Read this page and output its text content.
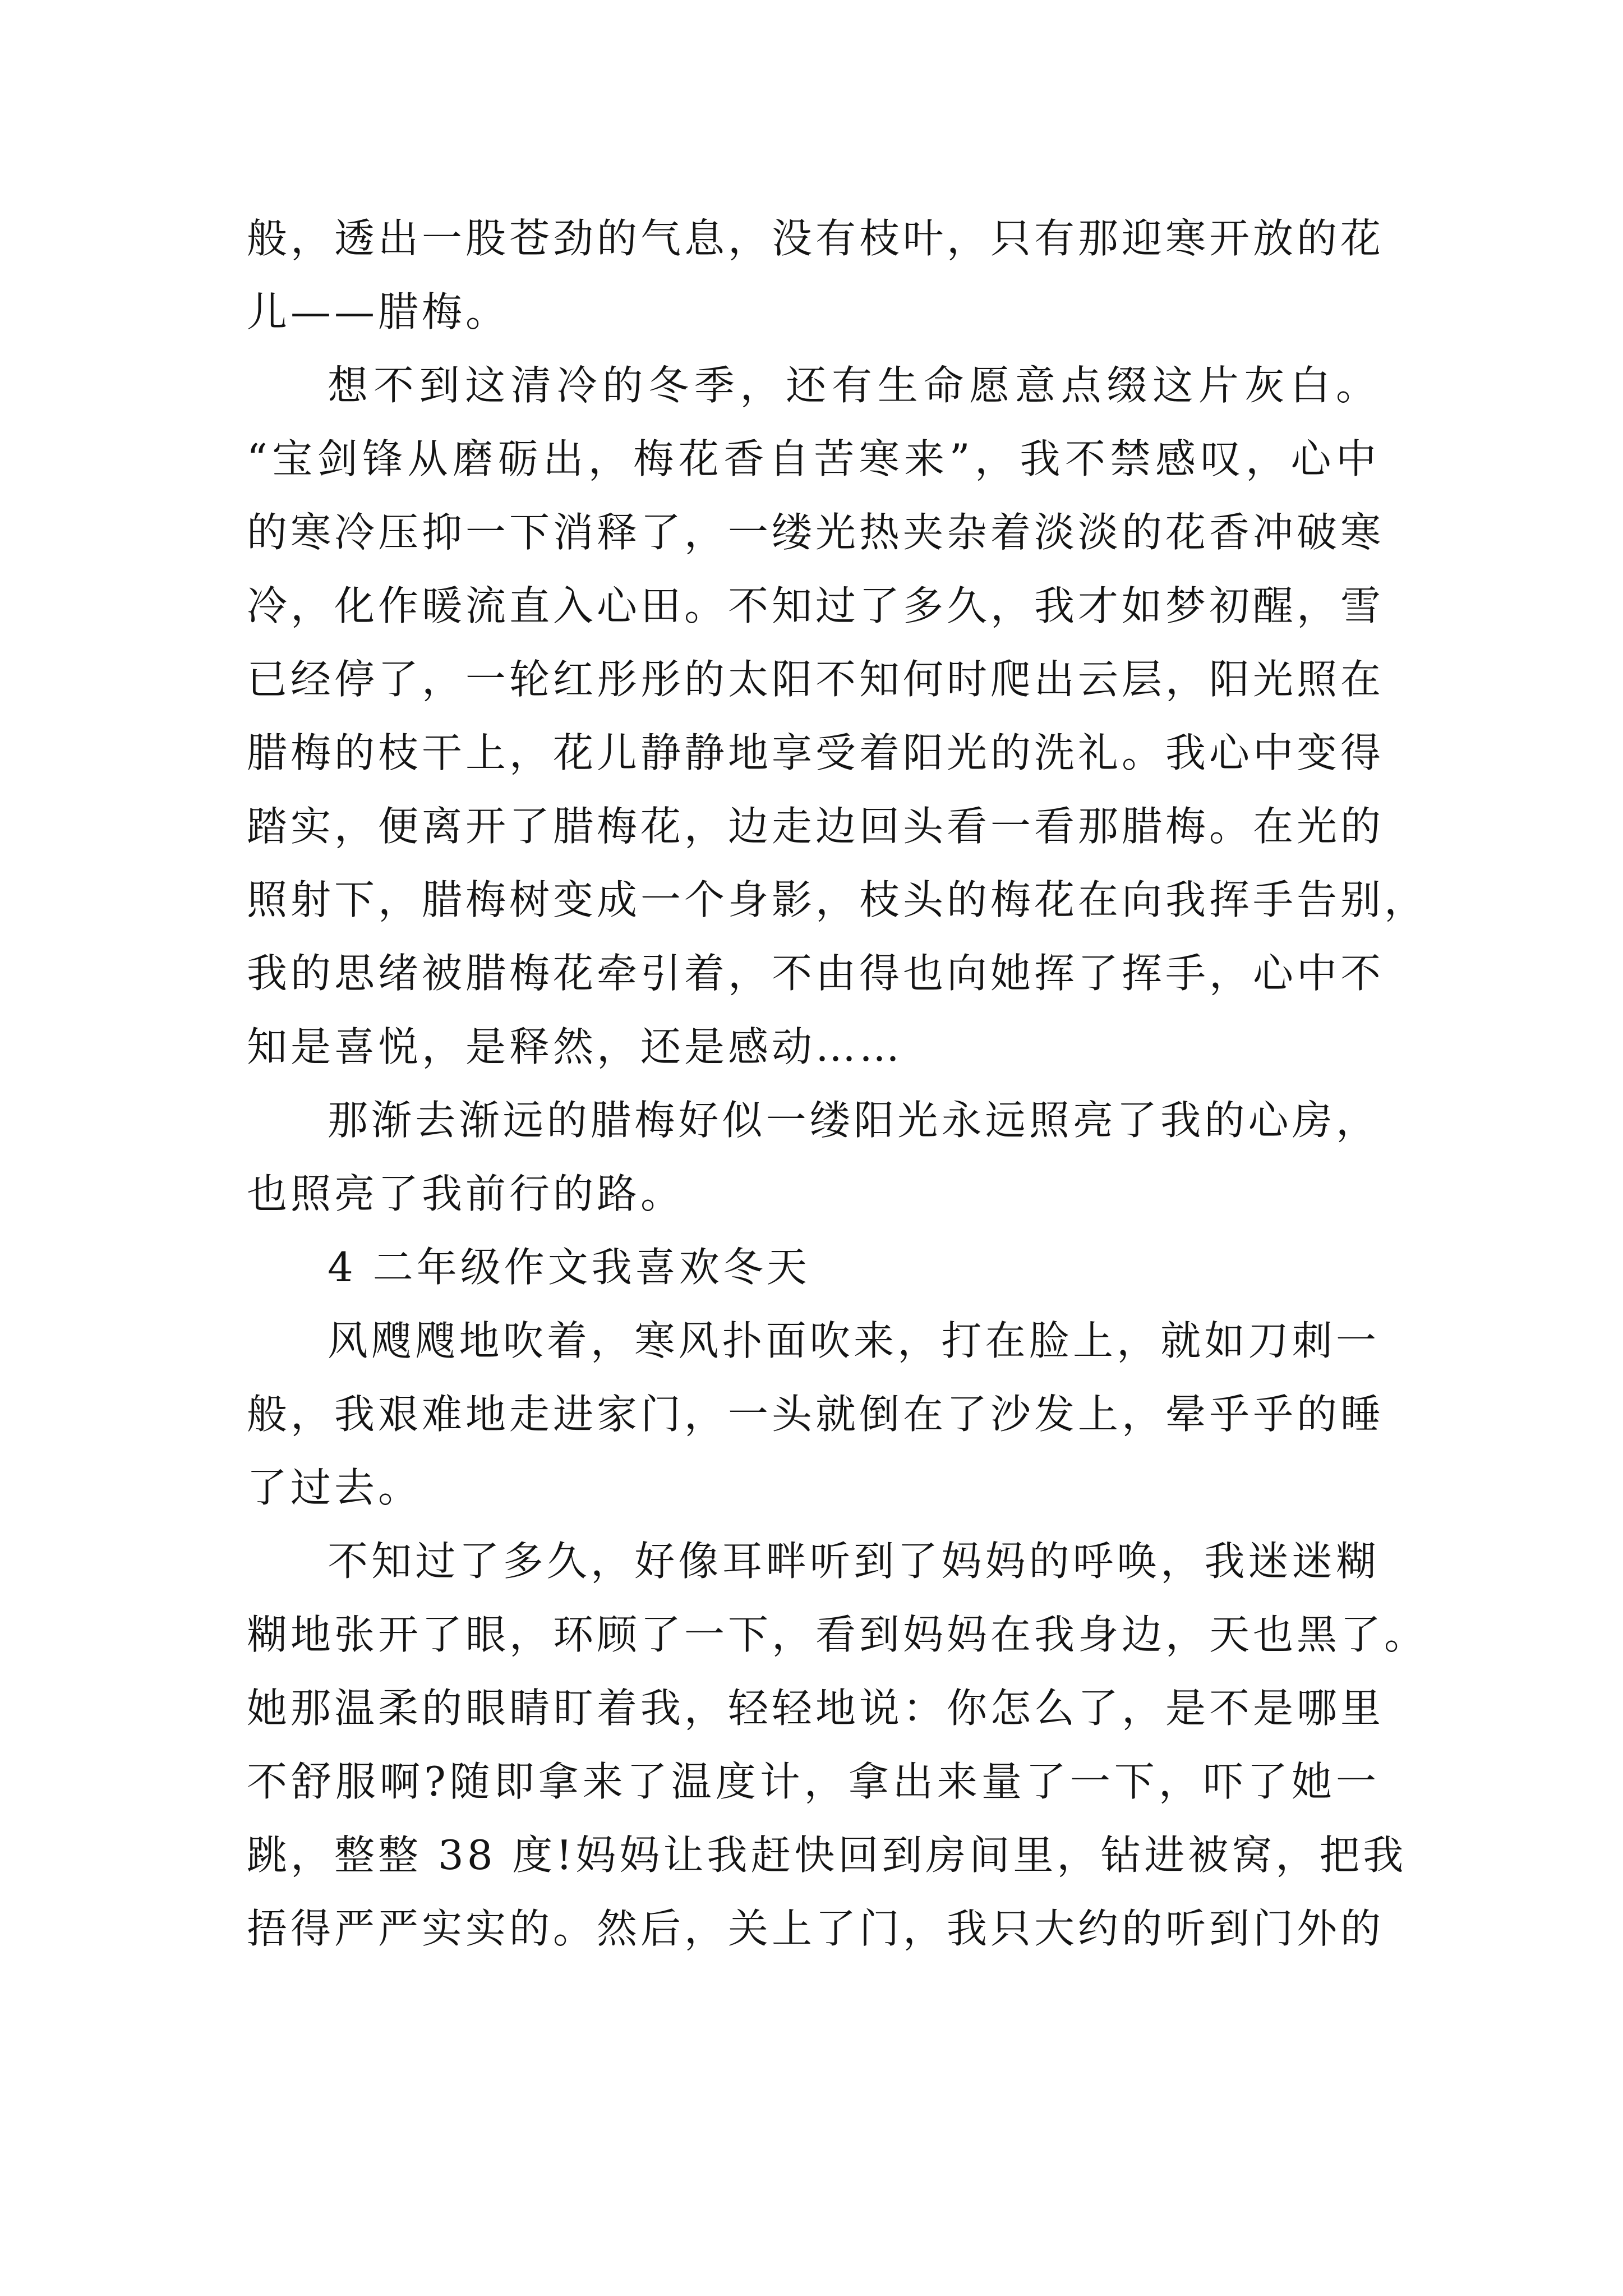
般，透出一股苍劲的气息，没有枝叶，只有那迎寒开放的花
儿——腊梅。
想不到这清冷的冬季，还有生命愿意点缀这片灰白。
“宝剑锋从磨砺出，梅花香自苦寒来”，我不禁感叹，心中
的寒冷压抑一下消释了，一缕光热夹杂着淡淡的花香冲破寒
冷，化作暖流直入心田。不知过了多久，我才如梦初醒，雪
已经停了，一轮红彤彤的太阳不知何时爬出云层，阳光照在
腊梅的枝干上，花儿静静地享受着阳光的洗礼。我心中变得
踏实，便离开了腊梅花，边走边回头看一看那腊梅。在光的
照射下，腊梅树变成一个身影，枝头的梅花在向我挥手告别，
我的思绪被腊梅花牵引着，不由得也向她挥了挥手，心中不
知是喜悦，是释然，还是感动……
那渐去渐远的腊梅好似一缕阳光永远照亮了我的心房，
也照亮了我前行的路。
4 二年级作文我喜欢冬天
风飕飕地吹着，寒风扑面吹来，打在脸上，就如刀刺一
般，我艰难地走进家门，一头就倒在了沙发上，晕乎乎的睡
了过去。
不知过了多久，好像耳畔听到了妈妈的呼唤，我迷迷糊
糊地张开了眼，环顾了一下，看到妈妈在我身边，天也黑了。
她那温柔的眼睛盯着我，轻轻地说：你怎么了，是不是哪里
不舒服啊?随即拿来了温度计，拿出来量了一下，吓了她一
跳，整整 38 度!妈妈让我赶快回到房间里，钻进被窝，把我
捂得严严实实的。然后，关上了门，我只大约的听到门外的
